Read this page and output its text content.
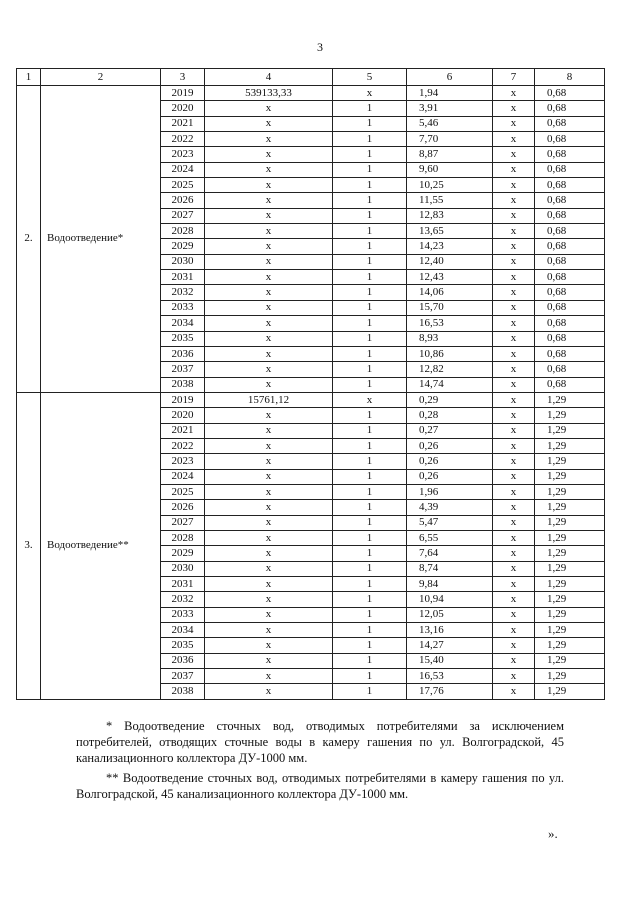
3
1	2	3	4	5	6	7	8
2.	Водоотведение*	2019	539133,33	x	1,94	x	0,68
		2020	x	1	3,91	x	0,68
		2021	x	1	5,46	x	0,68
		2022	x	1	7,70	x	0,68
		2023	x	1	8,87	x	0,68
		2024	x	1	9,60	x	0,68
		2025	x	1	10,25	x	0,68
		2026	x	1	11,55	x	0,68
		2027	x	1	12,83	x	0,68
		2028	x	1	13,65	x	0,68
		2029	x	1	14,23	x	0,68
		2030	x	1	12,40	x	0,68
		2031	x	1	12,43	x	0,68
		2032	x	1	14,06	x	0,68
		2033	x	1	15,70	x	0,68
		2034	x	1	16,53	x	0,68
		2035	x	1	8,93	x	0,68
		2036	x	1	10,86	x	0,68
		2037	x	1	12,82	x	0,68
		2038	x	1	14,74	x	0,68
3.	Водоотведение**	2019	15761,12	x	0,29	x	1,29
		2020	x	1	0,28	x	1,29
		2021	x	1	0,27	x	1,29
		2022	x	1	0,26	x	1,29
		2023	x	1	0,26	x	1,29
		2024	x	1	0,26	x	1,29
		2025	x	1	1,96	x	1,29
		2026	x	1	4,39	x	1,29
		2027	x	1	5,47	x	1,29
		2028	x	1	6,55	x	1,29
		2029	x	1	7,64	x	1,29
		2030	x	1	8,74	x	1,29
		2031	x	1	9,84	x	1,29
		2032	x	1	10,94	x	1,29
		2033	x	1	12,05	x	1,29
		2034	x	1	13,16	x	1,29
		2035	x	1	14,27	x	1,29
		2036	x	1	15,40	x	1,29
		2037	x	1	16,53	x	1,29
		2038	x	1	17,76	x	1,29

* Водоотведение сточных вод, отводимых потребителями за исключением потребителей, отводящих сточные воды в камеру гашения по ул. Волгоградской, 45 канализационного коллектора ДУ-1000 мм.

** Водоотведение сточных вод, отводимых потребителями в камеру гашения по ул. Волгоградской, 45 канализационного коллектора ДУ-1000 мм.

».
